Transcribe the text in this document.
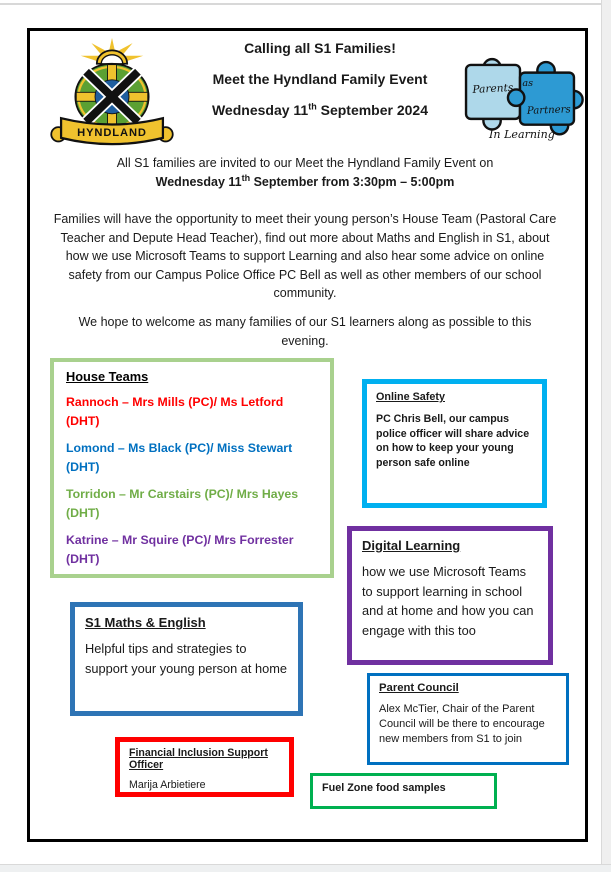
HYNDLAND
Parents as
Partners
In Learning
Calling all S1 Families!
Meet the Hyndland Family Event
Wednesday 11th September 2024
All S1 families are invited to our Meet the Hyndland Family Event on
Wednesday 11th September from 3:30pm – 5:00pm
Families will have the opportunity to meet their young person’s House Team (Pastoral Care Teacher and Depute Head Teacher), find out more about Maths and English in S1, about how we use Microsoft Teams to support Learning and also hear some advice on online safety from our Campus Police Office PC Bell as well as other members of our school community.
We hope to welcome as many families of our S1 learners along as possible to this evening.
House Teams
Rannoch – Mrs Mills (PC)/ Ms Letford
(DHT)
Lomond – Ms Black (PC)/ Miss Stewart
(DHT)
Torridon – Mr Carstairs (PC)/ Mrs Hayes
(DHT)
Katrine – Mr Squire (PC)/ Mrs Forrester
(DHT)
Online Safety
PC Chris Bell, our campus police officer will share advice on how to keep your young person safe online
Digital Learning
how we use Microsoft Teams to support learning in school and at home and how you can engage with this too
S1 Maths & English
Helpful tips and strategies to support your young person at home
Parent Council
Alex McTier, Chair of the Parent Council will be there to encourage new members from S1 to join
Financial Inclusion Support Officer
Marija Arbietiere	Fuel Zone food samples
